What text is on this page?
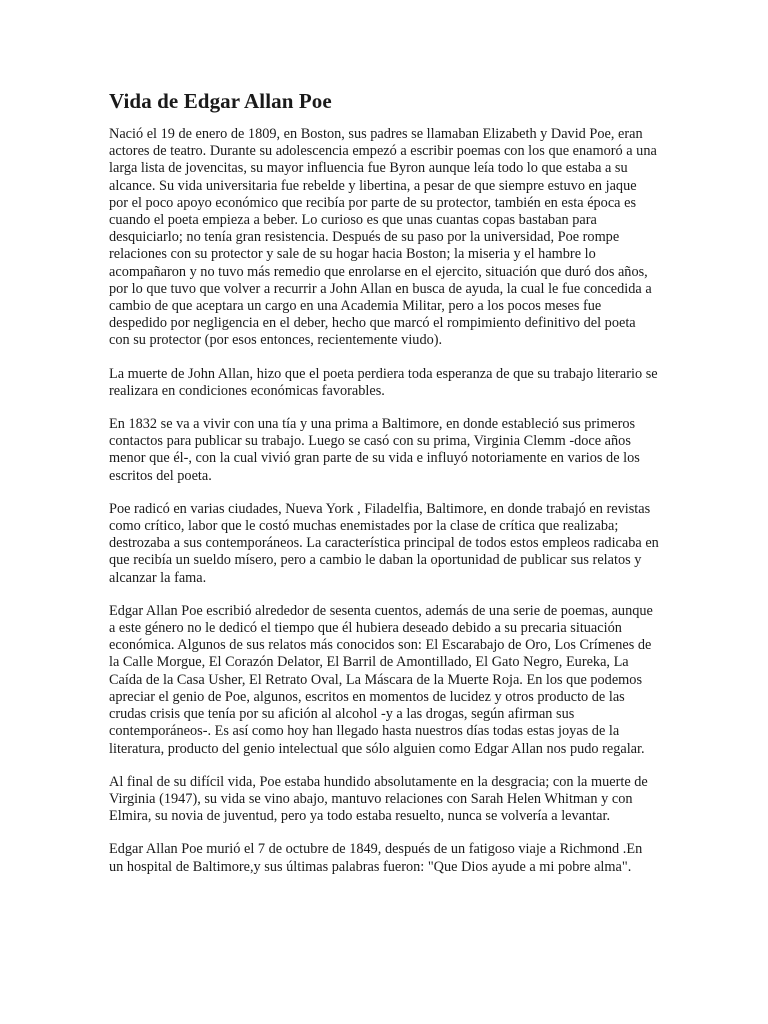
Vida de Edgar Allan Poe

Nació el 19 de enero de 1809, en Boston, sus padres se llamaban Elizabeth y David Poe, eran actores de teatro. Durante su adolescencia empezó a escribir poemas con los que enamoró a una larga lista de jovencitas, su mayor influencia fue Byron aunque leía todo lo que estaba a su alcance. Su vida universitaria fue rebelde y libertina, a pesar de que siempre estuvo en jaque por el poco apoyo económico que recibía por parte de su protector, también en esta época es cuando el poeta empieza a beber. Lo curioso es que unas cuantas copas bastaban para desquiciarlo; no tenía gran resistencia. Después de su paso por la universidad, Poe rompe relaciones con su protector y sale de su hogar hacia Boston; la miseria y el hambre lo acompañaron y no tuvo más remedio que enrolarse en el ejercito, situación que duró dos años, por lo que tuvo que volver a recurrir a John Allan en busca de ayuda, la cual le fue concedida a cambio de que aceptara un cargo en una Academia Militar, pero a los pocos meses fue despedido por negligencia en el deber, hecho que marcó el rompimiento definitivo del poeta con su protector (por esos entonces, recientemente viudo).

La muerte de John Allan, hizo que el poeta perdiera toda esperanza de que su trabajo literario se realizara en condiciones económicas favorables.

En 1832 se va a vivir con una tía y una prima a Baltimore, en donde estableció sus primeros contactos para publicar su trabajo. Luego se casó con su prima, Virginia Clemm -doce años menor que él-, con la cual vivió gran parte de su vida e influyó notoriamente en varios de los escritos del poeta.

Poe radicó en varias ciudades, Nueva York , Filadelfia, Baltimore, en donde trabajó en revistas como crítico, labor que le costó muchas enemistades por la clase de crítica que realizaba; destrozaba a sus contemporáneos. La característica principal de todos estos empleos radicaba en que recibía un sueldo mísero, pero a cambio le daban la oportunidad de publicar sus relatos y alcanzar la fama.

Edgar Allan Poe escribió alrededor de sesenta cuentos, además de una serie de poemas, aunque a este género no le dedicó el tiempo que él hubiera deseado debido a su precaria situación económica. Algunos de sus relatos más conocidos son: El Escarabajo de Oro, Los Crímenes de la Calle Morgue, El Corazón Delator, El Barril de Amontillado, El Gato Negro, Eureka, La Caída de la Casa Usher, El Retrato Oval, La Máscara de la Muerte Roja. En los que podemos apreciar el genio de Poe, algunos, escritos en momentos de lucidez y otros producto de las crudas crisis que tenía por su afición al alcohol -y a las drogas, según afirman sus contemporáneos-. Es así como hoy han llegado hasta nuestros días todas estas joyas de la literatura, producto del genio intelectual que sólo alguien como Edgar Allan nos pudo regalar.

Al final de su difícil vida, Poe estaba hundido absolutamente en la desgracia; con la muerte de Virginia (1947), su vida se vino abajo, mantuvo relaciones con Sarah Helen Whitman y con Elmira, su novia de juventud, pero ya todo estaba resuelto, nunca se volvería a levantar.

Edgar Allan Poe murió el 7 de octubre de 1849, después de un fatigoso viaje a Richmond .En un hospital de Baltimore,y sus últimas palabras fueron: "Que Dios ayude a mi pobre alma".
